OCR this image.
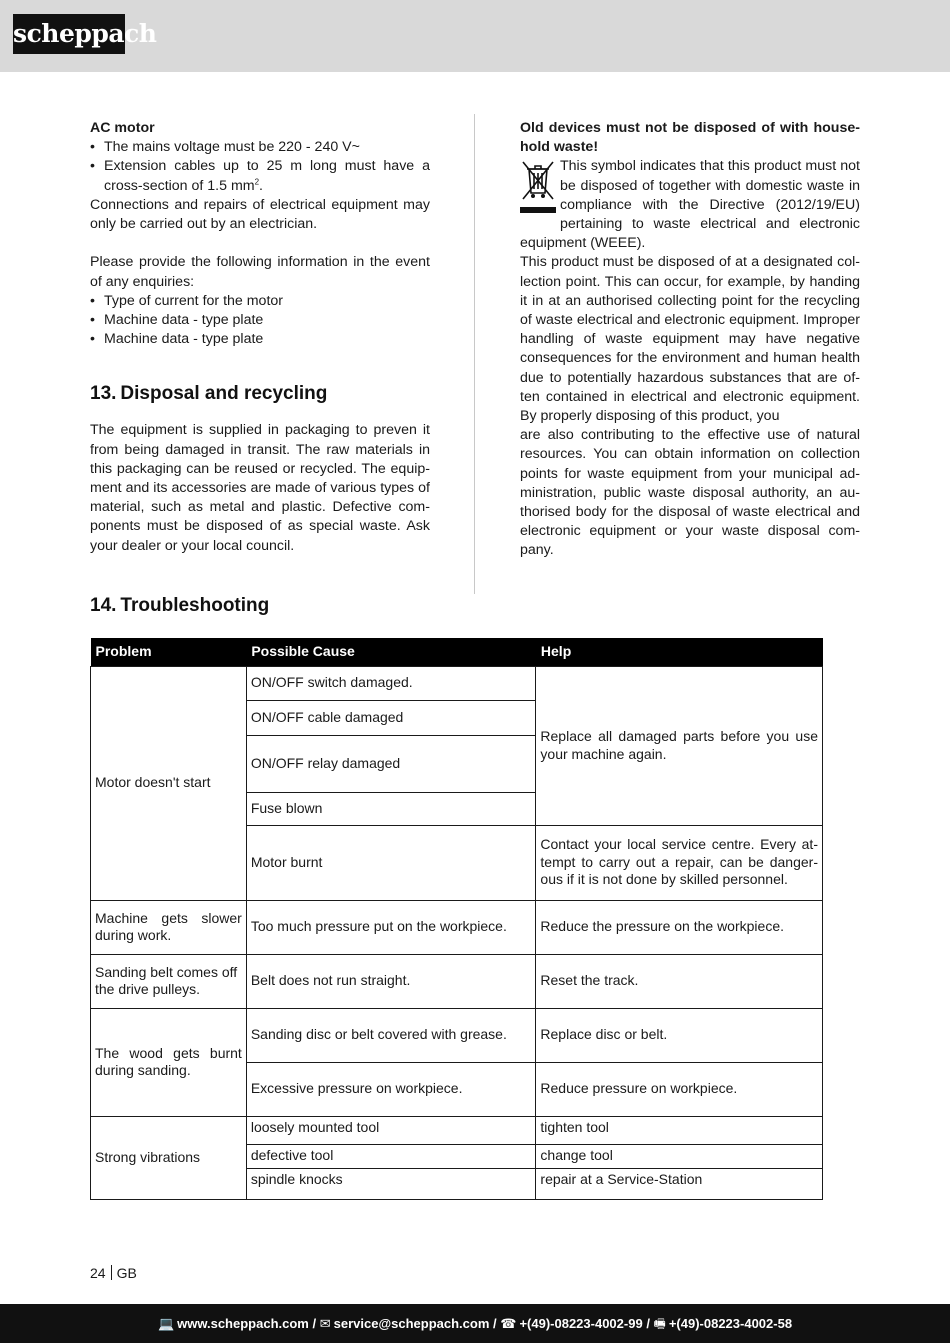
scheppach
AC motor
• The mains voltage must be 220 - 240 V~
• Extension cables up to 25 m long must have a cross-section of 1.5 $mm^2$.
Connections and repairs of electrical equipment may only be carried out by an electrician.
Please provide the following information in the event of any enquiries:
• Type of current for the motor
• Machine data - type plate
• Machine data - type plate
13. Disposal and recycling
The equipment is supplied in packaging to preven it from being damaged in transit. The raw materials in this packaging can be reused or recycled. The equipment and its accessories are made of various types of material, such as metal and plastic. Defective components must be disposed of as special waste. Ask your dealer or your local council.
Old devices must not be disposed of with household waste!
This symbol indicates that this product must not be disposed of together with domestic waste in compliance with the Directive (2012/19/EU) pertaining to waste electrical and electronic equipment (WEEE).
This product must be disposed of at a designated collection point. This can occur, for example, by handing it in at an authorised collecting point for the recycling of waste electrical and electronic equipment. Improper handling of waste equipment may have negative consequences for the environment and human health due to potentially hazardous substances that are often contained in electrical and electronic equipment. By properly disposing of this product, you
are also contributing to the effective use of natural resources. You can obtain information on collection points for waste equipment from your municipal administration, public waste disposal authority, an authorised body for the disposal of waste electrical and electronic equipment or your waste disposal company.
14. Troubleshooting
Problem	Possible Cause	Help
Motor doesn't start	ON/OFF switch damaged.	Replace all damaged parts before you use your machine again.
	ON/OFF cable damaged	
	ON/OFF relay damaged	
	Fuse blown	
	Motor burnt	Contact your local service centre. Every attempt to carry out a repair, can be dangerous if it is not done by skilled personnel.
Machine gets slower during work.	Too much pressure put on the workpiece.	Reduce the pressure on the workpiece.
Sanding belt comes off the drive pulleys.	Belt does not run straight.	Reset the track.
The wood gets burnt during sanding.	Sanding disc or belt covered with grease.	Replace disc or belt.
	Excessive pressure on workpiece.	Reduce pressure on workpiece.
Strong vibrations	loosely mounted tool	tighten tool
	defective tool	change tool
	spindle knocks	repair at a Service-Station
24 GB
💻 www.scheppach.com / ✉ service@scheppach.com / ☎ +(49)-08223-4002-99 / 🖷 +(49)-08223-4002-58
